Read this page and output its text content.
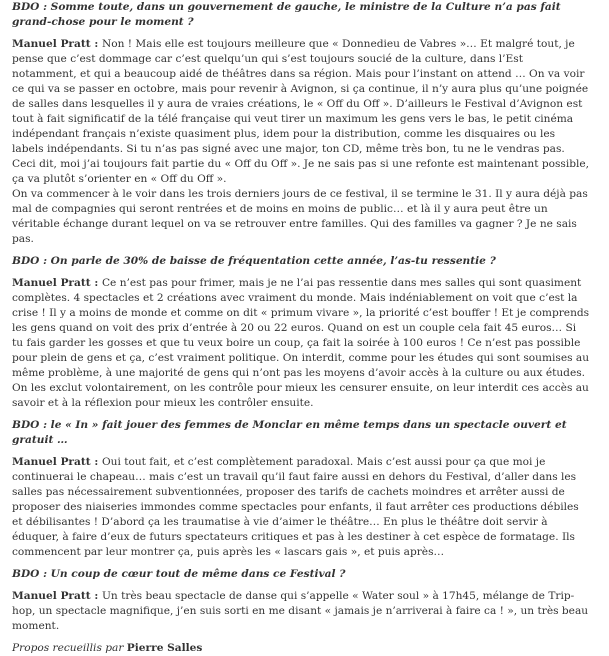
BDO : Somme toute, dans un gouvernement de gauche, le ministre de la Culture n’a pas fait grand-chose pour le moment ?

Manuel Pratt : Non ! Mais elle est toujours meilleure que « Donnedieu de Vabres »… Et malgré tout, je pense que c’est dommage car c’est quelqu’un qui s’est toujours soucié de la culture, dans l’Est notamment, et qui a beaucoup aidé de théâtres dans sa région. Mais pour l’instant on attend … On va voir ce qui va se passer en octobre, mais pour revenir à Avignon, si ça continue, il n’y aura plus qu’une poignée de salles dans lesquelles il y aura de vraies créations, le « Off du Off ». D’ailleurs le Festival d’Avignon est tout à fait significatif de la télé française qui veut tirer un maximum les gens vers le bas, le petit cinéma indépendant français n’existe quasiment plus, idem pour la distribution, comme les disquaires ou les labels indépendants. Si tu n’as pas signé avec une major, ton CD, même très bon, tu ne le vendras pas. Ceci dit, moi j’ai toujours fait partie du « Off du Off ». Je ne sais pas si une refonte est maintenant possible, ça va plutôt s’orienter en « Off du Off ».
On va commencer à le voir dans les trois derniers jours de ce festival, il se termine le 31. Il y aura déjà pas mal de compagnies qui seront rentrées et de moins en moins de public… et là il y aura peut être un véritable échange durant lequel on va se retrouver entre familles. Qui des familles va gagner ? Je ne sais pas.

BDO : On parle de 30% de baisse de fréquentation cette année, l’as-tu ressentie ?

Manuel Pratt : Ce n’est pas pour frimer, mais je ne l’ai pas ressentie dans mes salles qui sont quasiment complètes. 4 spectacles et 2 créations avec vraiment du monde. Mais indéniablement on voit que c’est la crise ! Il y a moins de monde et comme on dit « primum vivare », la priorité c’est bouffer ! Et je comprends les gens quand on voit des prix d’entrée à 20 ou 22 euros. Quand on est un couple cela fait 45 euros… Si tu fais garder les gosses et que tu veux boire un coup, ça fait la soirée à 100 euros ! Ce n’est pas possible pour plein de gens et ça, c’est vraiment politique. On interdit, comme pour les études qui sont soumises au même problème, à une majorité de gens qui n’ont pas les moyens d’avoir accès à la culture ou aux études. On les exclut volontairement, on les contrôle pour mieux les censurer ensuite, on leur interdit ces accès au savoir et à la réflexion pour mieux les contrôler ensuite.

BDO : le « In » fait jouer des femmes de Monclar en même temps dans un spectacle ouvert et gratuit …

Manuel Pratt : Oui tout fait, et c’est complètement paradoxal. Mais c’est aussi pour ça que moi je continuerai le chapeau… mais c’est un travail qu’il faut faire aussi en dehors du Festival, d’aller dans les salles pas nécessairement subventionnées, proposer des tarifs de cachets moindres et arrêter aussi de proposer des niaiseries immondes comme spectacles pour enfants, il faut arrêter ces productions débiles et débilisantes ! D’abord ça les traumatise à vie d’aimer le théâtre… En plus le théâtre doit servir à éduquer, à faire d’eux de futurs spectateurs critiques et pas à les destiner à cet espèce de formatage. Ils commencent par leur montrer ça, puis après les « lascars gais », et puis après…

BDO : Un coup de cœur tout de même dans ce Festival ?

Manuel Pratt : Un très beau spectacle de danse qui s’appelle « Water soul » à 17h45, mélange de Trip-hop, un spectacle magnifique, j’en suis sorti en me disant « jamais je n’arriverai à faire ca ! », un très beau moment.

Propos recueillis par Pierre Salles
